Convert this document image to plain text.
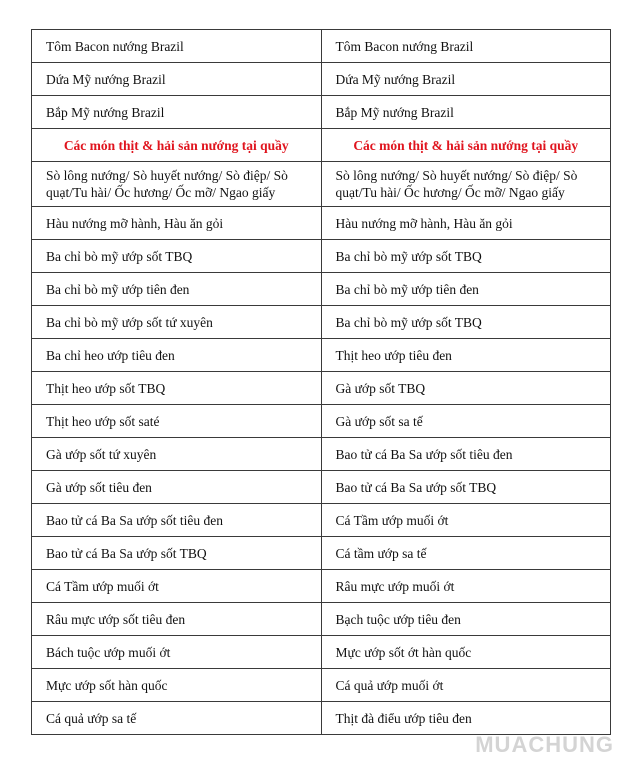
Tôm Bacon nướng Brazil	Tôm Bacon nướng Brazil
Dứa Mỹ nướng Brazil	Dứa Mỹ nướng Brazil
Bắp Mỹ nướng Brazil	Bắp Mỹ nướng Brazil
Các món thịt & hải sản nướng tại quầy	Các món thịt & hải sản nướng tại quầy
Sò lông nướng/ Sò huyết nướng/ Sò điệp/ Sò quạt/Tu hài/ Ốc hương/ Ốc mỡ/ Ngao giấy	Sò lông nướng/ Sò huyết nướng/ Sò điệp/ Sò quạt/Tu hài/ Ốc hương/ Ốc mỡ/ Ngao giấy
Hàu nướng mỡ hành, Hàu ăn gỏi	Hàu nướng mỡ hành, Hàu ăn gỏi
Ba chỉ bò mỹ ướp sốt TBQ	Ba chỉ bò mỹ ướp sốt TBQ
Ba chỉ bò mỹ ướp tiên đen	Ba chỉ bò mỹ ướp tiên đen
Ba chỉ bò mỹ ướp sốt tứ xuyên	Ba chỉ bò mỹ ướp sốt TBQ
Ba chỉ heo ướp tiêu đen	Thịt heo ướp tiêu đen
Thịt heo ướp sốt TBQ	Gà ướp sốt TBQ
Thịt heo ướp sốt saté	Gà ướp sốt sa tế
Gà ướp sốt tứ xuyên	Bao tử cá Ba Sa ướp sốt tiêu đen
Gà ướp sốt tiêu đen	Bao tử cá Ba Sa ướp sốt TBQ
Bao tử cá Ba Sa ướp sốt tiêu đen	Cá Tầm ướp muối ớt
Bao tử cá Ba Sa ướp sốt TBQ	Cá tầm ướp sa tế
Cá Tầm ướp muối ớt	Râu mực ướp muối ớt
Râu mực ướp sốt tiêu đen	Bạch tuộc ướp tiêu đen
Bách tuộc ướp muối ớt	Mực ướp sốt ớt hàn quốc
Mực ướp sốt hàn quốc	Cá quả ướp muối ớt
Cá quả ướp sa tế	Thịt đà điểu ướp tiêu đen
MUACHUNG
